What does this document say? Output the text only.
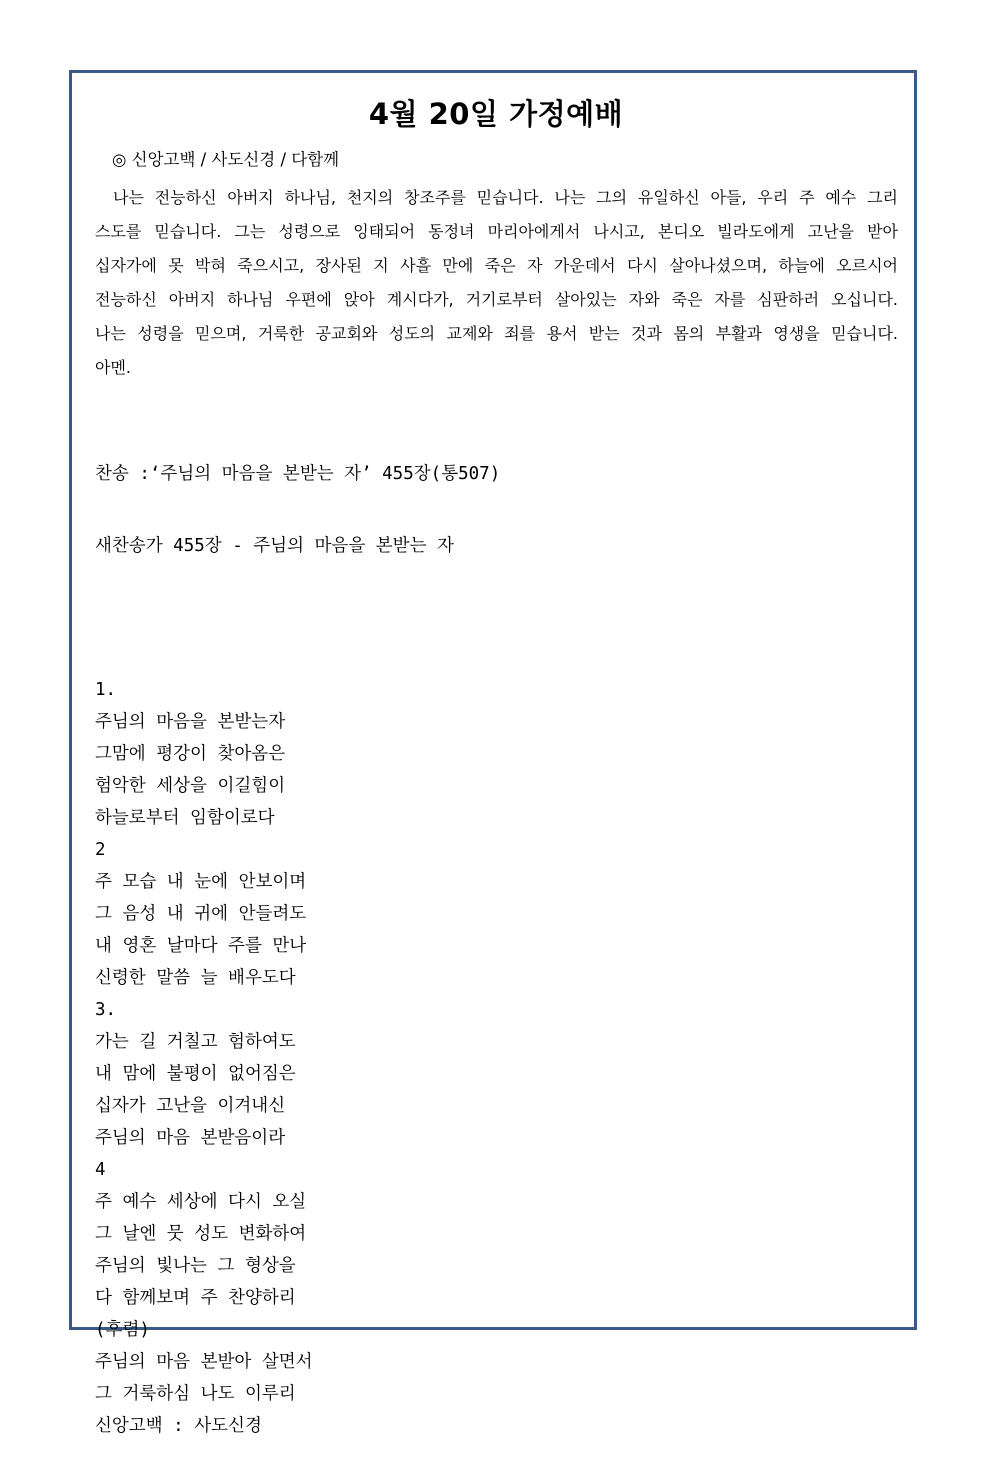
4월 20일 가정예배
◎ 신앙고백 / 사도신경 / 다함께
나는 전능하신 아버지 하나님, 천지의 창조주를 믿습니다. 나는 그의 유일하신 아들, 우리 주 예수 그리
스도를 믿습니다. 그는 성령으로 잉태되어 동정녀 마리아에게서 나시고, 본디오 빌라도에게 고난을 받아
십자가에 못 박혀 죽으시고, 장사된 지 사흘 만에 죽은 자 가운데서 다시 살아나셨으며, 하늘에 오르시어
전능하신 아버지 하나님 우편에 앉아 계시다가, 거기로부터 살아있는 자와 죽은 자를 심판하러 오십니다.
나는 성령을 믿으며, 거룩한 공교회와 성도의 교제와 죄를 용서 받는 것과 몸의 부활과 영생을 믿습니다.
아멘.

찬송 :‘주님의 마음을 본받는 자’ 455장(통507)

새찬송가 455장 - 주님의 마음을 본받는 자

1.
주님의 마음을 본받는자
그맘에 평강이 찾아옴은
험악한 세상을 이길힘이
하늘로부터 임함이로다
2
주 모습 내 눈에 안보이며
그 음성 내 귀에 안들려도
내 영혼 날마다 주를 만나
신령한 말씀 늘 배우도다
3.
가는 길 거칠고 험하여도
내 맘에 불평이 없어짐은
십자가 고난을 이겨내신
주님의 마음 본받음이라
4
주 예수 세상에 다시 오실
그 날엔 뭇 성도 변화하여
주님의 빛나는 그 형상을
다 함께보며 주 찬양하리
(후렴)
주님의 마음 본받아 살면서
그 거룩하심 나도 이루리
신앙고백 : 사도신경
